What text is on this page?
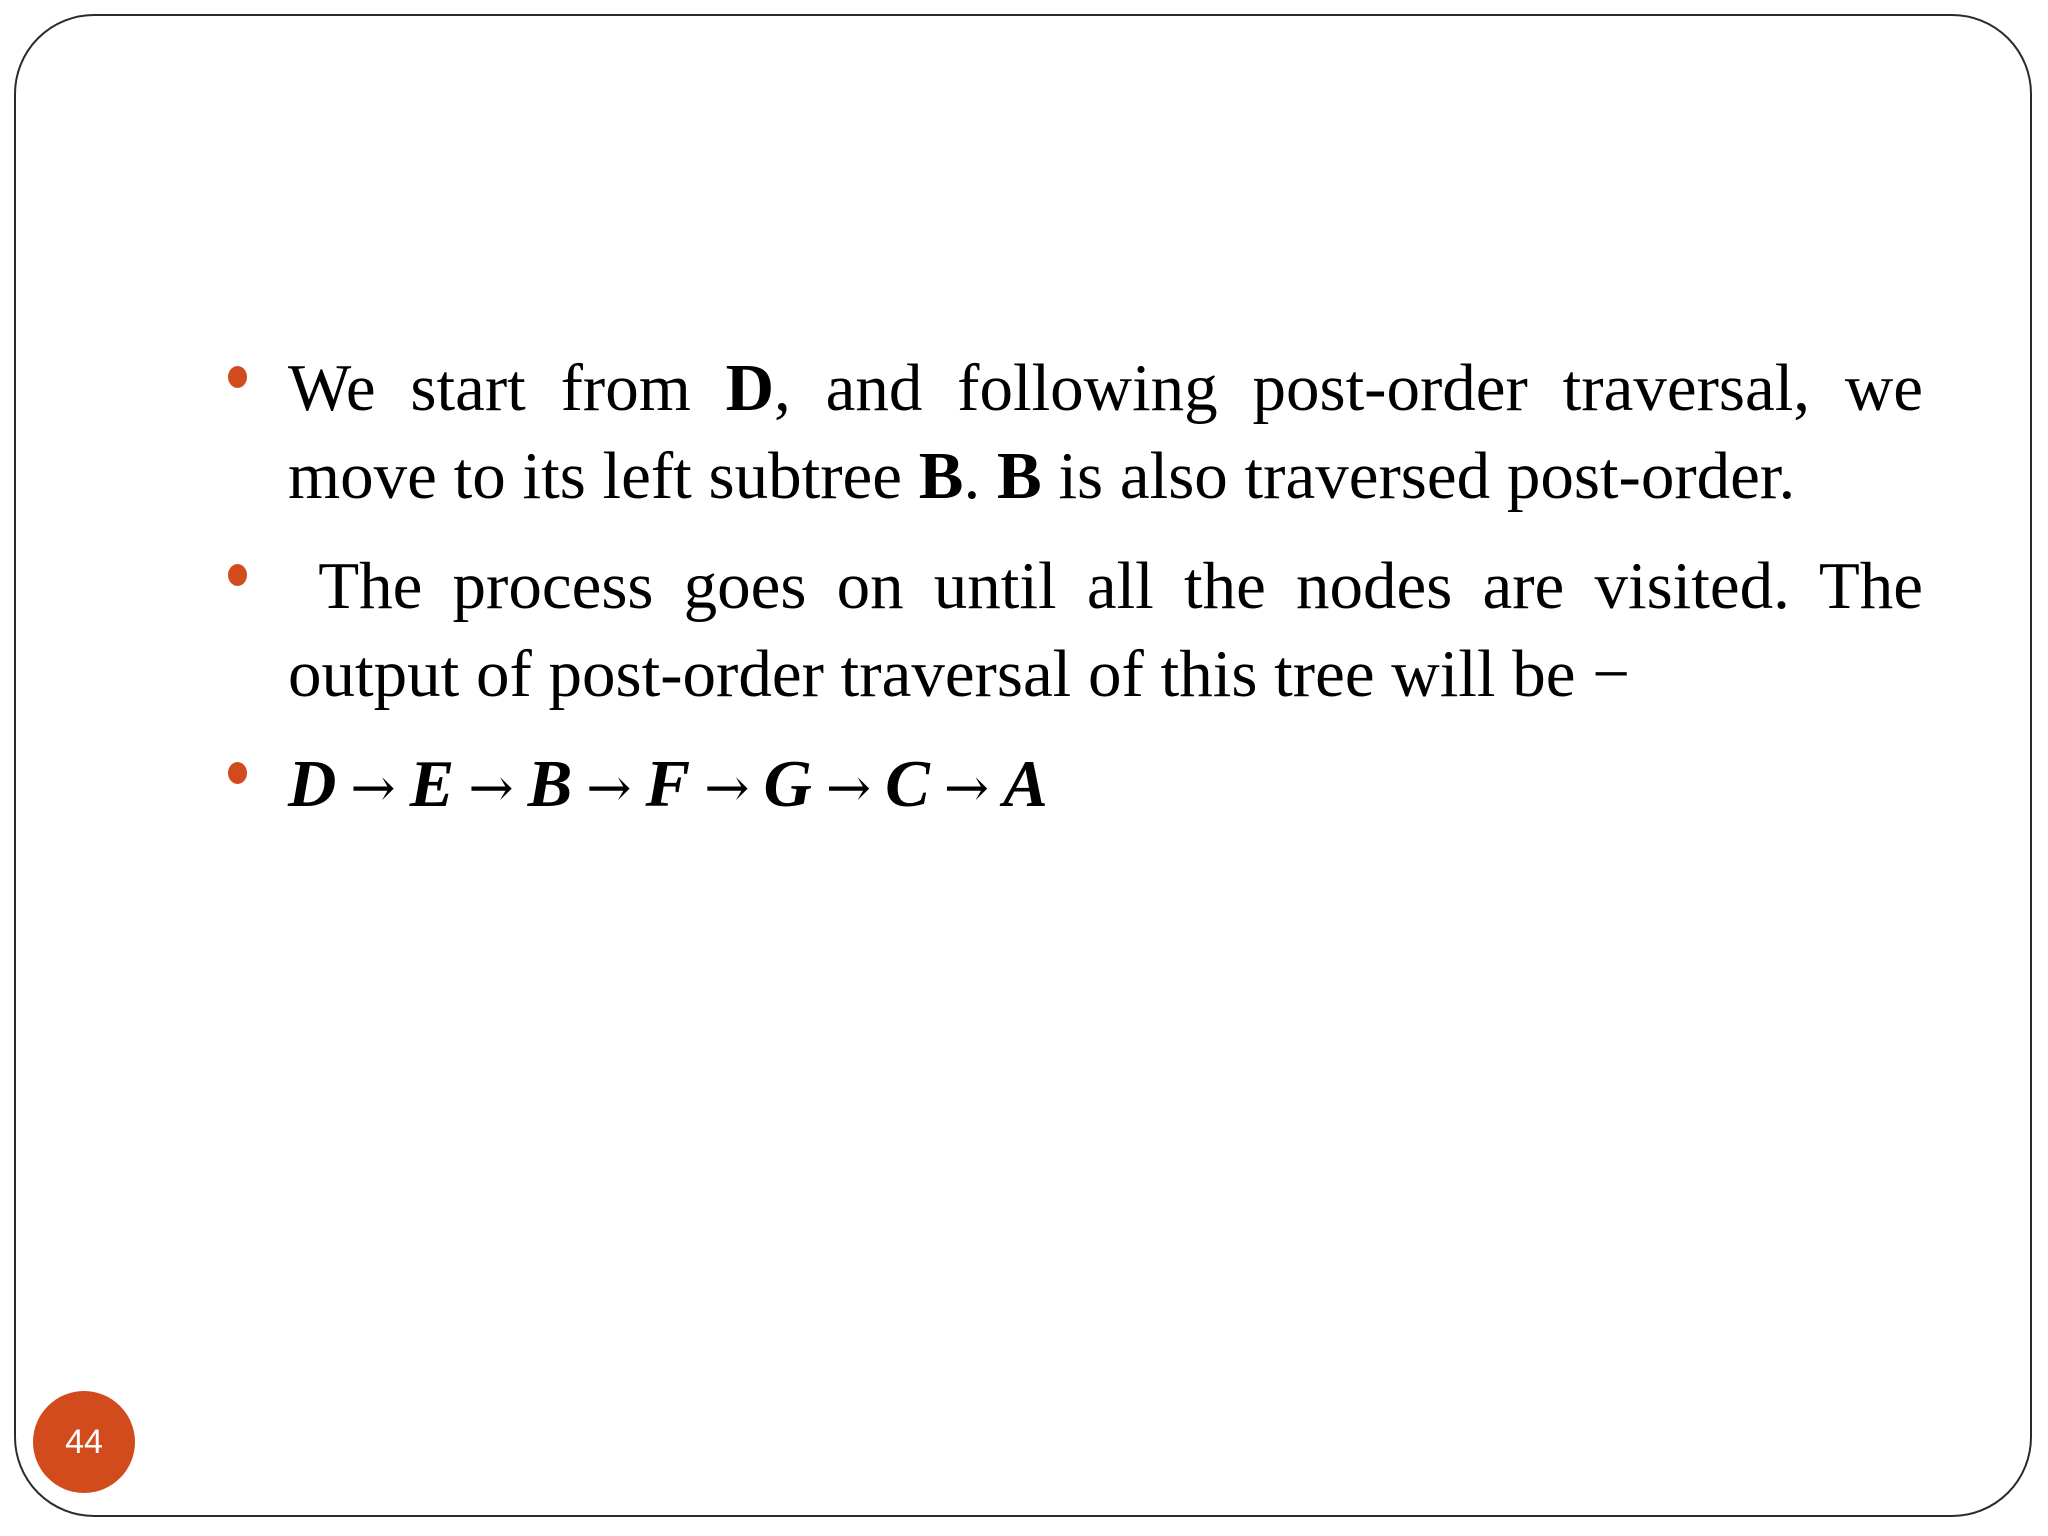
We start from D, and following post-order traversal, we move to its left subtree B. B is also traversed post-order.
The process goes on until all the nodes are visited. The output of post-order traversal of this tree will be −
D → E → B → F → G → C → A
44
